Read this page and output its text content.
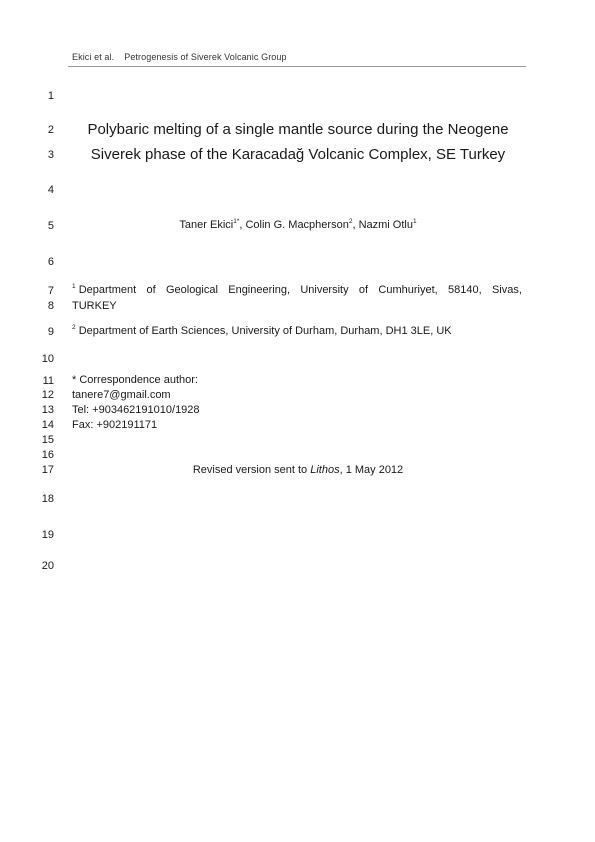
Ekici et al. Petrogenesis of Siverek Volcanic Group
1
2
3
4
5
6
7
8
9
10
11
12
13
14
15
16
17
18
19
20
Polybaric melting of a single mantle source during the Neogene
Siverek phase of the Karacadağ Volcanic Complex, SE Turkey
Taner Ekici$^{1*}$, Colin G. Macpherson$^2$, Nazmi Otlu$^1$
$^1$ Department of Geological Engineering, University of Cumhuriyet, 58140, Sivas,
TURKEY
$^2$ Department of Earth Sciences, University of Durham, Durham, DH1 3LE, UK
* Correspondence author:
tanere7@gmail.com
Tel: +903462191010/1928
Fax: +902191171
Revised version sent to Lithos, 1 May 2012
